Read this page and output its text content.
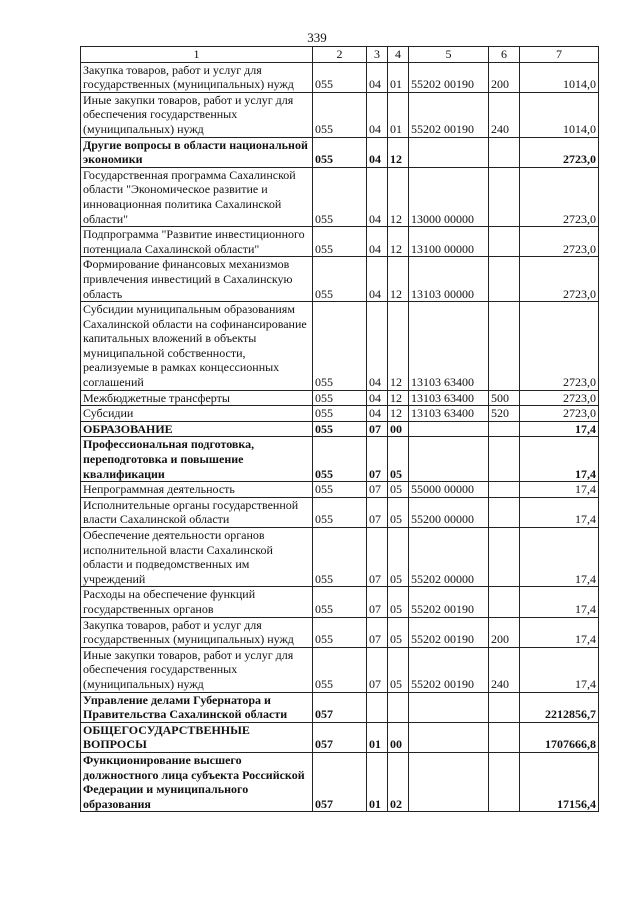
339
1	2	3	4	5	6	7
Закупка товаров, работ и услуг для государственных (муниципальных) нужд	055	04	01	55202 00190	200	1014,0
Иные закупки товаров, работ и услуг для обеспечения государственных (муниципальных) нужд	055	04	01	55202 00190	240	1014,0
Другие вопросы в области национальной экономики	055	04	12			2723,0
Государственная программа Сахалинской области "Экономическое развитие и инновационная политика Сахалинской области"	055	04	12	13000 00000		2723,0
Подпрограмма "Развитие инвестиционного потенциала Сахалинской области"	055	04	12	13100 00000		2723,0
Формирование финансовых механизмов привлечения инвестиций в Сахалинскую область	055	04	12	13103 00000		2723,0
Субсидии муниципальным образованиям Сахалинской области на софинансирование капитальных вложений в объекты муниципальной собственности, реализуемые в рамках концессионных соглашений	055	04	12	13103 63400		2723,0
Межбюджетные трансферты	055	04	12	13103 63400	500	2723,0
Субсидии	055	04	12	13103 63400	520	2723,0
ОБРАЗОВАНИЕ	055	07	00			17,4
Профессиональная подготовка, переподготовка и повышение квалификации	055	07	05			17,4
Непрограммная деятельность	055	07	05	55000 00000		17,4
Исполнительные органы государственной власти Сахалинской области	055	07	05	55200 00000		17,4
Обеспечение деятельности органов исполнительной власти Сахалинской области и подведомственных им учреждений	055	07	05	55202 00000		17,4
Расходы на обеспечение функций государственных органов	055	07	05	55202 00190		17,4
Закупка товаров, работ и услуг для государственных (муниципальных) нужд	055	07	05	55202 00190	200	17,4
Иные закупки товаров, работ и услуг для обеспечения государственных (муниципальных) нужд	055	07	05	55202 00190	240	17,4
Управление делами Губернатора и Правительства Сахалинской области	057					2212856,7
ОБЩЕГОСУДАРСТВЕННЫЕ ВОПРОСЫ	057	01	00			1707666,8
Функционирование высшего должностного лица субъекта Российской Федерации и муниципального образования	057	01	02			17156,4
